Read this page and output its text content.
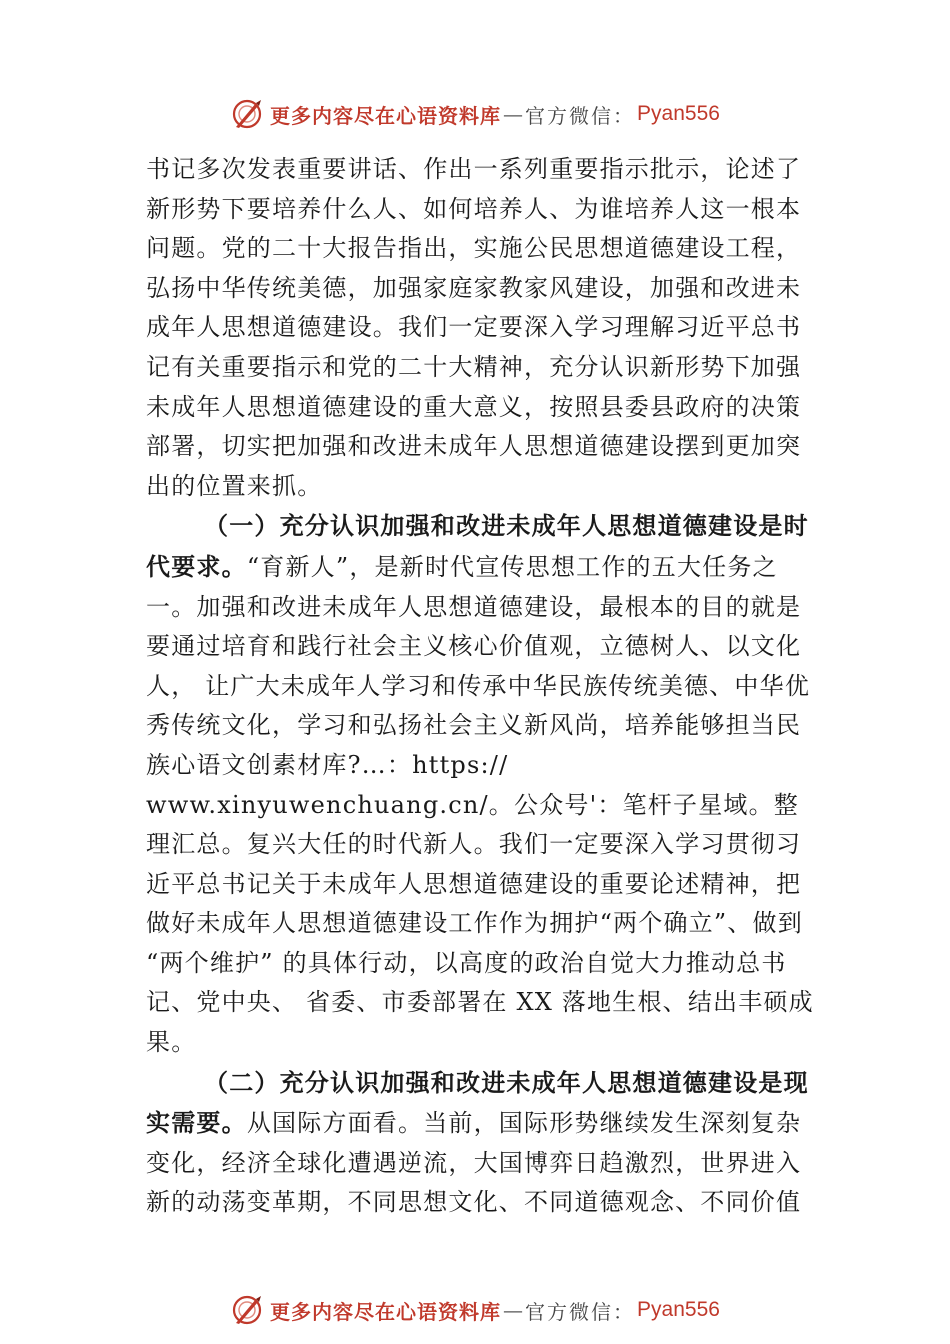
更多内容尽在心语资料库 — 官方微信： Pyan556

书记多次发表重要讲话、作出一系列重要指示批示，论述了新形势下要培养什么人、如何培养人、为谁培养人这一根本问题。党的二十大报告指出，实施公民思想道德建设工程， 弘扬中华传统美德，加强家庭家教家风建设，加强和改进未成年人思想道德建设。我们一定要深入学习理解习近平总书记有关重要指示和党的二十大精神，充分认识新形势下加强未成年人思想道德建设的重大意义，按照县委县政府的决策部署，切实把加强和改进未成年人思想道德建设摆到更加突出的位置来抓。

（一）充分认识加强和改进未成年人思想道德建设是时代要求。“育新人”，是新时代宣传思想工作的五大任务之一。加强和改进未成年人思想道德建设，最根本的目的就是要通过培育和践行社会主义核心价值观，立德树人、以文化人， 让广大未成年人学习和传承中华民族传统美德、中华优秀传统文化，学习和弘扬社会主义新风尚，培养能够担当民族心语文创素材库?…：https://

www.xinyuwenchuang.cn/。公众号'：笔杆子星域。整理汇总。复兴大任的时代新人。我们一定要深入学习贯彻习近平总书记关于未成年人思想道德建设的重要论述精神，把做好未成年人思想道德建设工作作为拥护“两个确立”、做到 “两个维护” 的具体行动，以高度的政治自觉大力推动总书记、党中央、 省委、市委部署在 XX 落地生根、结出丰硕成果。

（二）充分认识加强和改进未成年人思想道德建设是现实需要。从国际方面看。当前，国际形势继续发生深刻复杂变化，经济全球化遭遇逆流，大国博弈日趋激烈，世界进入新的动荡变革期，不同思想文化、不同道德观念、不同价值

更多内容尽在心语资料库 — 官方微信： Pyan556
